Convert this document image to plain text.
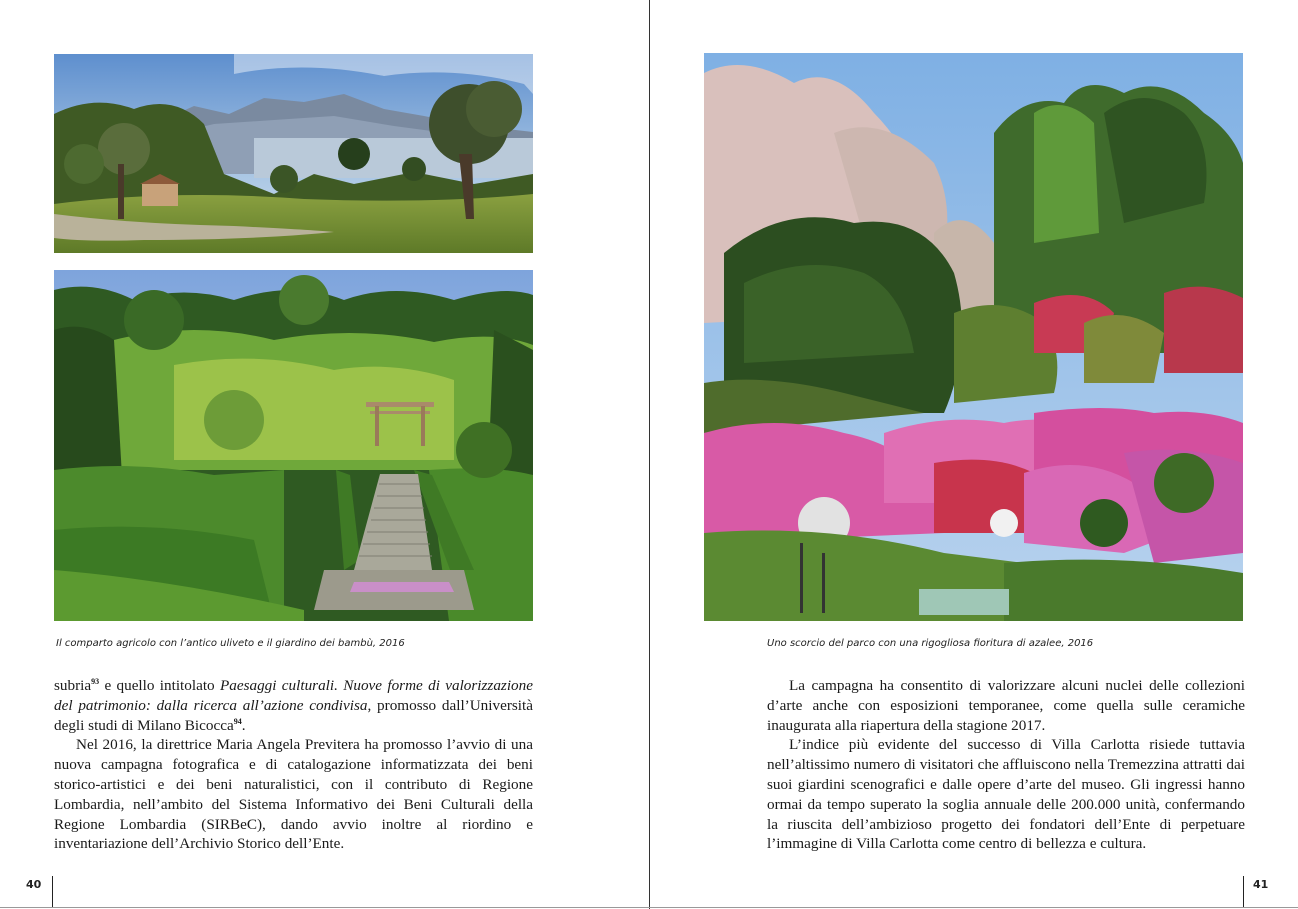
Il comparto agricolo con l’antico uliveto e il giardino dei bambù, 2016

subria$^{93}$ e quello intitolato Paesaggi culturali. Nuove forme di valorizzazione del patrimonio: dalla ricerca all’azione condivisa, promosso dall’Università degli studi di Milano Bicocca$^{94}$.

Nel 2016, la direttrice Maria Angela Previtera ha promosso l’avvio di una nuova campagna fotografica e di catalogazione informatizzata dei beni storico-artistici e dei beni naturalistici, con il contributo di Regione Lombardia, nell’ambito del Sistema Informativo dei Beni Culturali della Regione Lombardia (SIRBeC), dando avvio inoltre al riordino e inventariazione dell’Archivio Storico dell’Ente.

40
Uno scorcio del parco con una rigogliosa fioritura di azalee, 2016

La campagna ha consentito di valorizzare alcuni nuclei delle collezioni d’arte anche con esposizioni temporanee, come quella sulle ceramiche inaugurata alla riapertura della stagione 2017.

L’indice più evidente del successo di Villa Carlotta risiede tuttavia nell’altissimo numero di visitatori che affluiscono nella Tremezzina attratti dai suoi giardini scenografici e dalle opere d’arte del museo. Gli ingressi hanno ormai da tempo superato la soglia annuale delle 200.000 unità, confermando la riuscita dell’ambizioso progetto dei fondatori dell’Ente di perpetuare l’immagine di Villa Carlotta come centro di bellezza e cultura.

41
